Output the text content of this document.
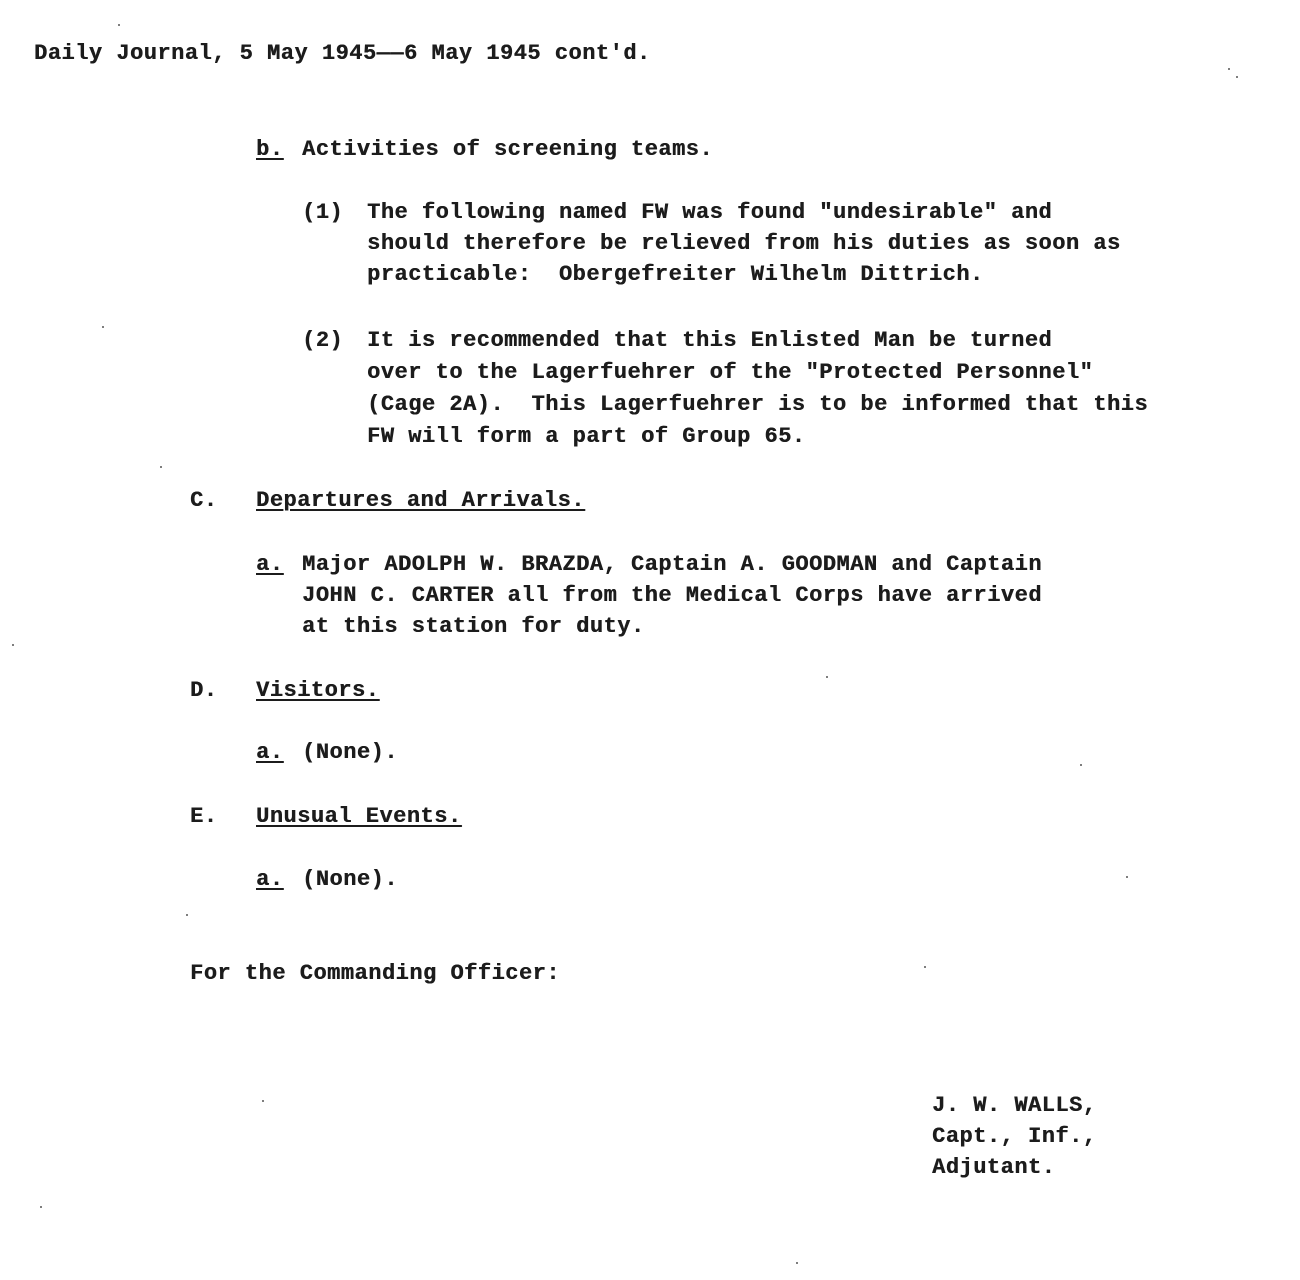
Daily Journal, 5 May 1945——6 May 1945 cont'd.
b. Activities of screening teams.
(1) The following named FW was found "undesirable" and
should therefore be relieved from his duties as soon as
practicable:  Obergefreiter Wilhelm Dittrich.
(2) It is recommended that this Enlisted Man be turned
over to the Lagerfuehrer of the "Protected Personnel"
(Cage 2A).  This Lagerfuehrer is to be informed that this
FW will form a part of Group 65.
C. Departures and Arrivals.
a. Major ADOLPH W. BRAZDA, Captain A. GOODMAN and Captain
JOHN C. CARTER all from the Medical Corps have arrived
at this station for duty.
D. Visitors.
a. (None).
E. Unusual Events.
a. (None).
For the Commanding Officer:
J. W. WALLS,
Capt., Inf.,
Adjutant.
